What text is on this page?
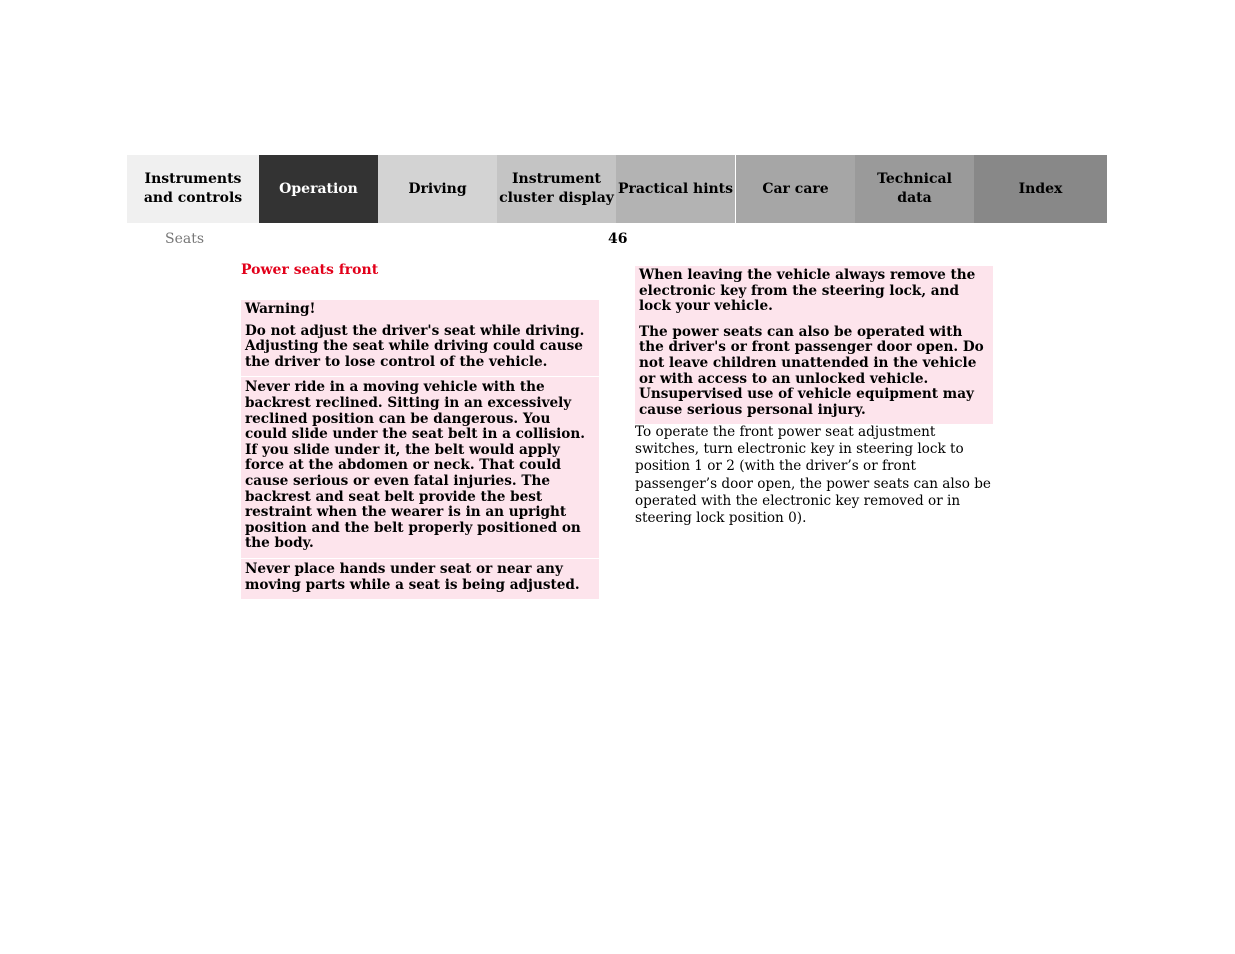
Instruments
and controls
Operation	Driving
Instrument
cluster display
Practical hints Car care
Technical
data
Index
Seats	46
Power seats front

Warning!

Do not adjust the driver's seat while driving. Adjusting the seat while driving could cause the driver to lose control of the vehicle.

Never ride in a moving vehicle with the backrest reclined. Sitting in an excessively reclined position can be dangerous. You could slide under the seat belt in a collision. If you slide under it, the belt would apply force at the abdomen or neck. That could cause serious or even fatal injuries. The backrest and seat belt provide the best restraint when the wearer is in an upright position and the belt properly positioned on the body.

Never place hands under seat or near any moving parts while a seat is being adjusted.

When leaving the vehicle always remove the electronic key from the steering lock, and lock your vehicle.

The power seats can also be operated with the driver's or front passenger door open. Do not leave children unattended in the vehicle or with access to an unlocked vehicle. Unsupervised use of vehicle equipment may cause serious personal injury.

To operate the front power seat adjustment switches, turn electronic key in steering lock to position 1 or 2 (with the driver’s or front passenger’s door open, the power seats can also be operated with the electronic key removed or in steering lock position 0).
